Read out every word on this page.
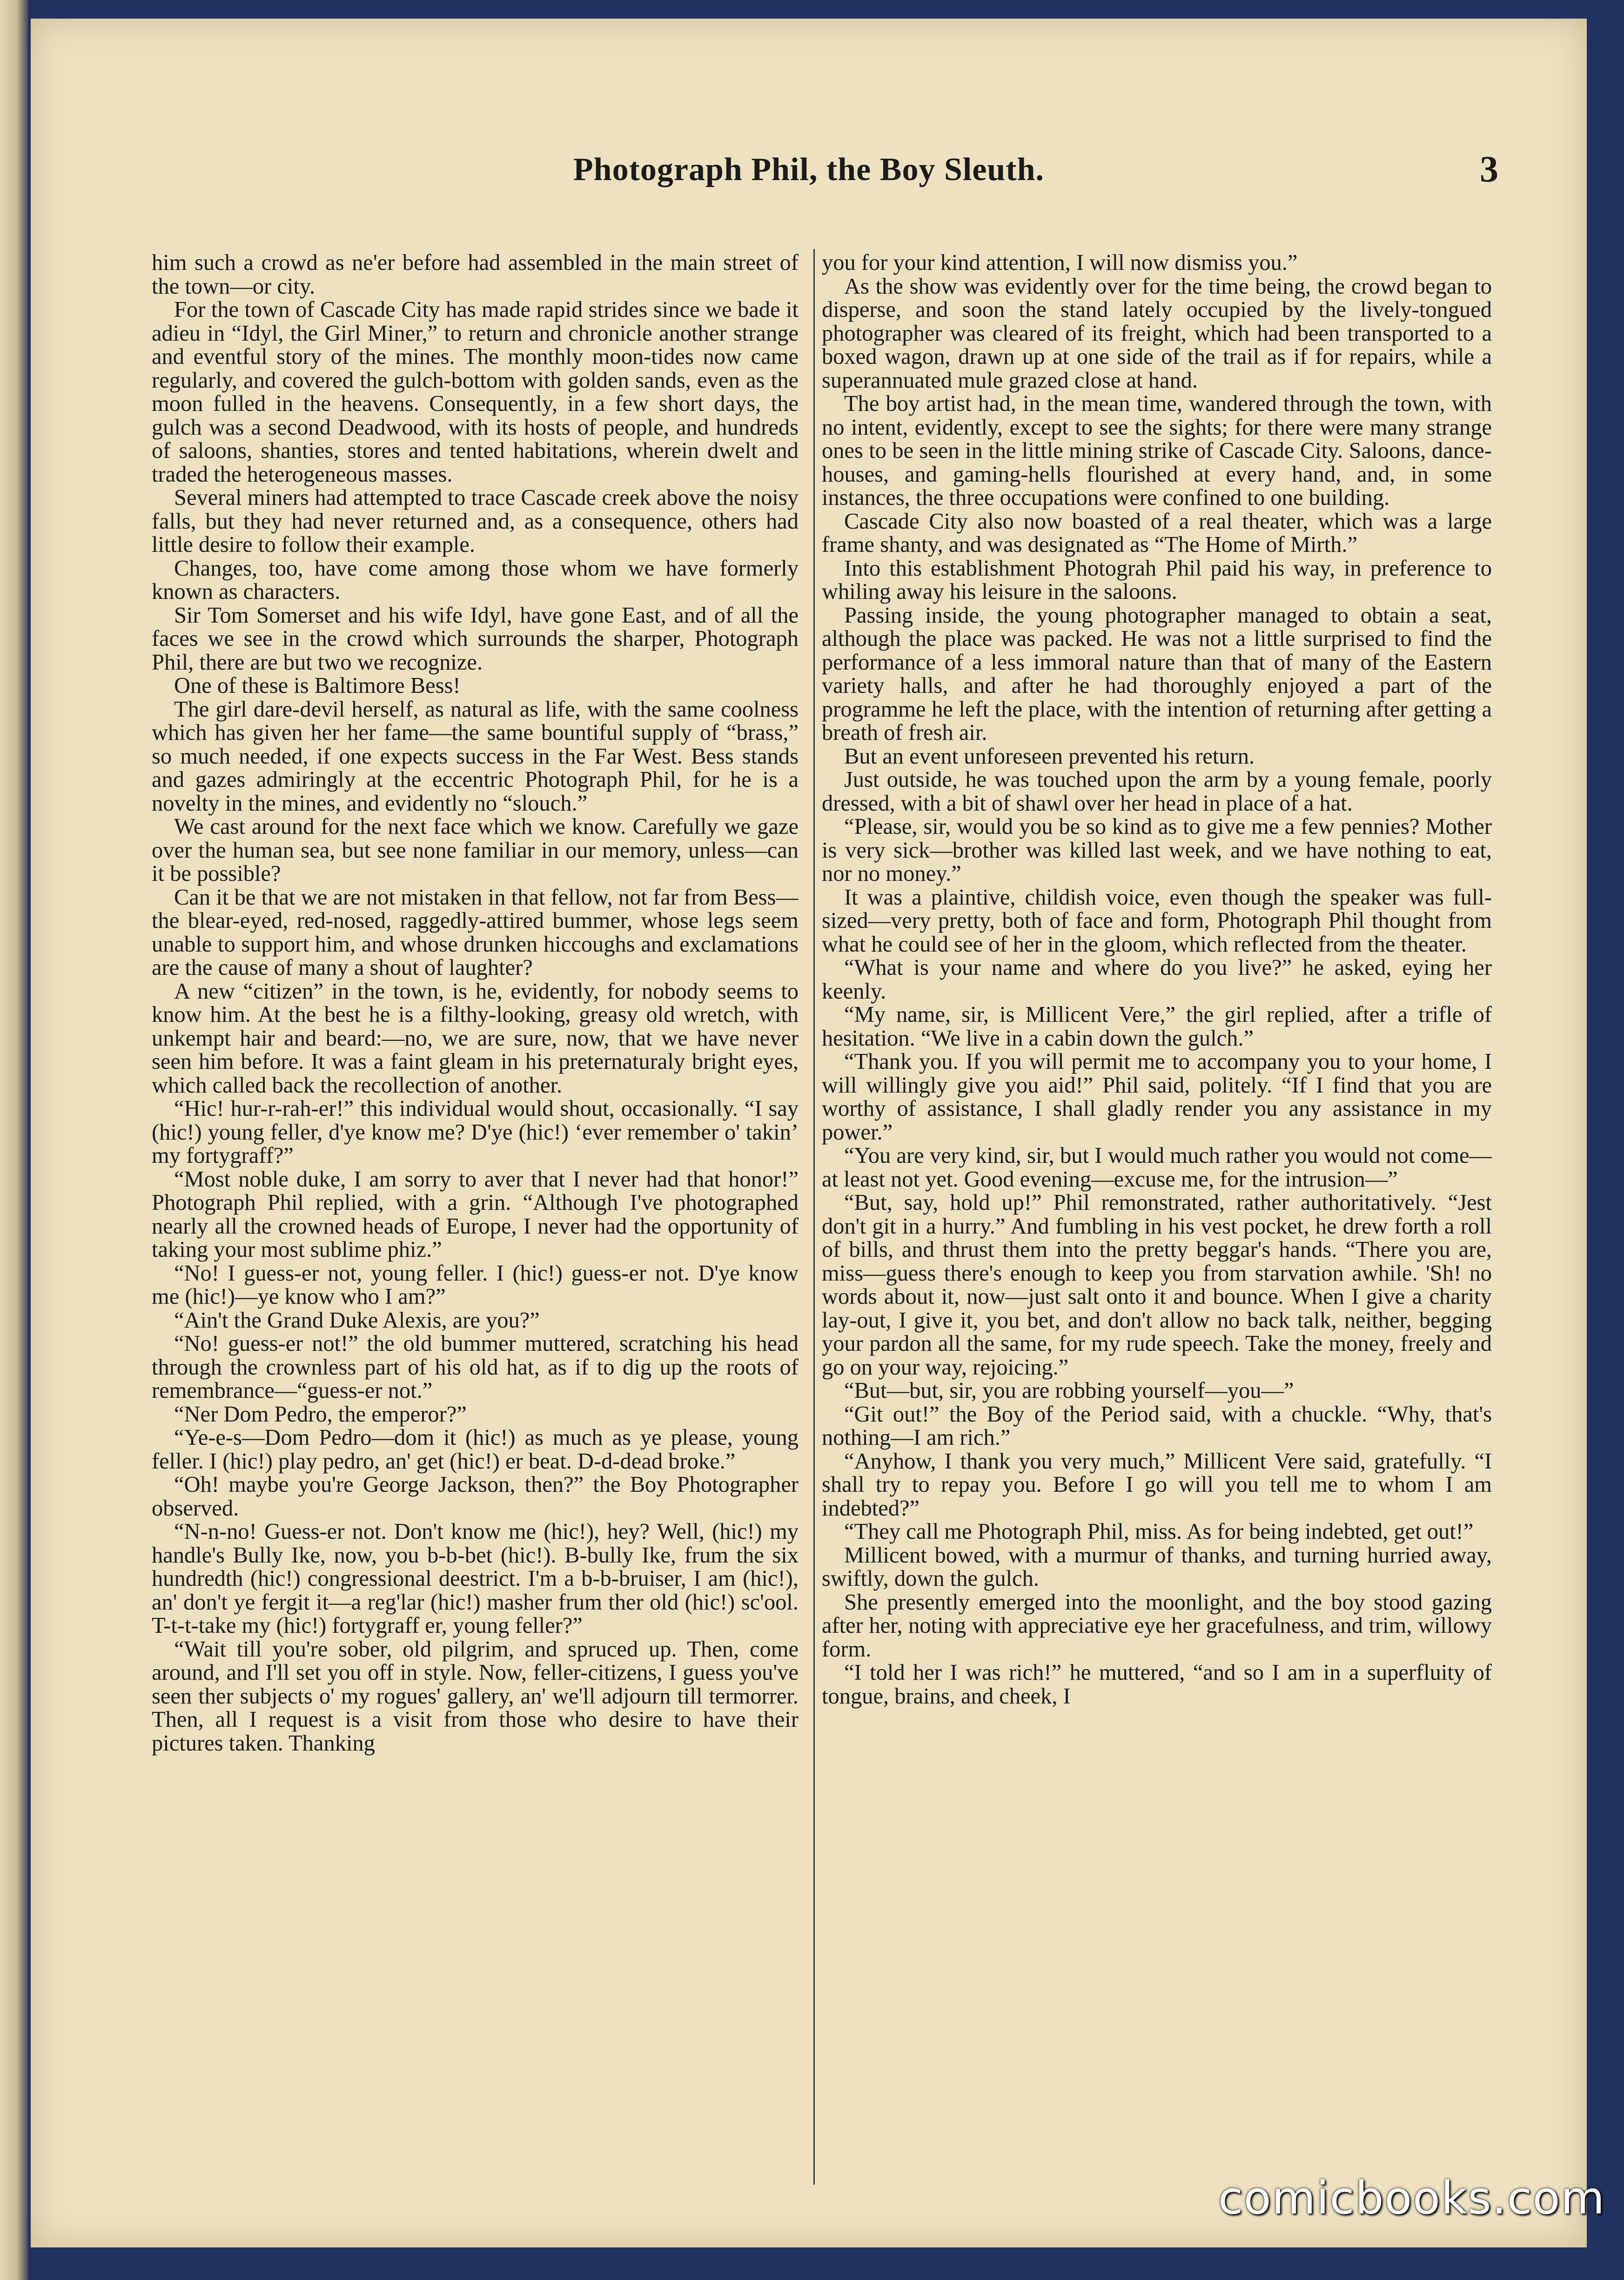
Photograph Phil, the Boy Sleuth.	3

him such a crowd as ne'er before had assembled in the main street of the town—or city.

For the town of Cascade City has made rapid strides since we bade it adieu in “Idyl, the Girl Miner,” to return and chronicle another strange and eventful story of the mines. The monthly moon-tides now came regularly, and covered the gulch-bottom with golden sands, even as the moon fulled in the heavens. Consequently, in a few short days, the gulch was a second Deadwood, with its hosts of people, and hundreds of saloons, shanties, stores and tented habitations, wherein dwelt and traded the heterogeneous masses.

Several miners had attempted to trace Cascade creek above the noisy falls, but they had never returned and, as a consequence, others had little desire to follow their example.

Changes, too, have come among those whom we have formerly known as characters.

Sir Tom Somerset and his wife Idyl, have gone East, and of all the faces we see in the crowd which surrounds the sharper, Photograph Phil, there are but two we recognize.

One of these is Baltimore Bess!

The girl dare-devil herself, as natural as life, with the same coolness which has given her her fame—the same bountiful supply of “brass,” so much needed, if one expects success in the Far West. Bess stands and gazes admiringly at the eccentric Photograph Phil, for he is a novelty in the mines, and evidently no “slouch.”

We cast around for the next face which we know. Carefully we gaze over the human sea, but see none familiar in our memory, unless—can it be possible?

Can it be that we are not mistaken in that fellow, not far from Bess—the blear-eyed, red-nosed, raggedly-attired bummer, whose legs seem unable to support him, and whose drunken hiccoughs and exclamations are the cause of many a shout of laughter?

A new “citizen” in the town, is he, evidently, for nobody seems to know him. At the best he is a filthy-looking, greasy old wretch, with unkempt hair and beard:—no, we are sure, now, that we have never seen him before. It was a faint gleam in his preternaturaly bright eyes, which called back the recollection of another.

“Hic! hur-r-rah-er!” this individual would shout, occasionally. “I say (hic!) young feller, d'ye know me? D'ye (hic!) ‘ever remember o' takin’ my fortygraff?”

“Most noble duke, I am sorry to aver that I never had that honor!” Photograph Phil replied, with a grin. “Although I've photographed nearly all the crowned heads of Europe, I never had the opportunity of taking your most sublime phiz.”

“No! I guess-er not, young feller. I (hic!) guess-er not. D'ye know me (hic!)—ye know who I am?”

“Ain't the Grand Duke Alexis, are you?”

“No! guess-er not!” the old bummer muttered, scratching his head through the crownless part of his old hat, as if to dig up the roots of remembrance—“guess-er not.”

“Ner Dom Pedro, the emperor?”

“Ye-e-s—Dom Pedro—dom it (hic!) as much as ye please, young feller. I (hic!) play pedro, an' get (hic!) er beat. D-d-dead broke.”

“Oh! maybe you're George Jackson, then?” the Boy Photographer observed.

“N-n-no! Guess-er not. Don't know me (hic!), hey? Well, (hic!) my handle's Bully Ike, now, you b-b-bet (hic!). B-bully Ike, frum the six hundredth (hic!) congressional deestrict. I'm a b-b-bruiser, I am (hic!), an' don't ye fergit it—a reg'lar (hic!) masher frum ther old (hic!) sc'ool. T-t-t-take my (hic!) fortygraff er, young feller?”

“Wait till you're sober, old pilgrim, and spruced up. Then, come around, and I'll set you off in style. Now, feller-citizens, I guess you've seen ther subjects o' my rogues' gallery, an' we'll adjourn till termorrer. Then, all I request is a visit from those who desire to have their pictures taken. Thanking

you for your kind attention, I will now dismiss you.”

As the show was evidently over for the time being, the crowd began to disperse, and soon the stand lately occupied by the lively-tongued photographer was cleared of its freight, which had been transported to a boxed wagon, drawn up at one side of the trail as if for repairs, while a superannuated mule grazed close at hand.

The boy artist had, in the mean time, wandered through the town, with no intent, evidently, except to see the sights; for there were many strange ones to be seen in the little mining strike of Cascade City. Saloons, dance-houses, and gaming-hells flourished at every hand, and, in some instances, the three occupations were confined to one building.

Cascade City also now boasted of a real theater, which was a large frame shanty, and was designated as “The Home of Mirth.”

Into this establishment Photograh Phil paid his way, in preference to whiling away his leisure in the saloons.

Passing inside, the young photographer managed to obtain a seat, although the place was packed. He was not a little surprised to find the performance of a less immoral nature than that of many of the Eastern variety halls, and after he had thoroughly enjoyed a part of the programme he left the place, with the intention of returning after getting a breath of fresh air.

But an event unforeseen prevented his return.

Just outside, he was touched upon the arm by a young female, poorly dressed, with a bit of shawl over her head in place of a hat.

“Please, sir, would you be so kind as to give me a few pennies? Mother is very sick—brother was killed last week, and we have nothing to eat, nor no money.”

It was a plaintive, childish voice, even though the speaker was full-sized—very pretty, both of face and form, Photograph Phil thought from what he could see of her in the gloom, which reflected from the theater.

“What is your name and where do you live?” he asked, eying her keenly.

“My name, sir, is Millicent Vere,” the girl replied, after a trifle of hesitation. “We live in a cabin down the gulch.”

“Thank you. If you will permit me to accompany you to your home, I will willingly give you aid!” Phil said, politely. “If I find that you are worthy of assistance, I shall gladly render you any assistance in my power.”

“You are very kind, sir, but I would much rather you would not come—at least not yet. Good evening—excuse me, for the intrusion—”

“But, say, hold up!” Phil remonstrated, rather authoritatively. “Jest don't git in a hurry.” And fumbling in his vest pocket, he drew forth a roll of bills, and thrust them into the pretty beggar's hands. “There you are, miss—guess there's enough to keep you from starvation awhile. 'Sh! no words about it, now—just salt onto it and bounce. When I give a charity lay-out, I give it, you bet, and don't allow no back talk, neither, begging your pardon all the same, for my rude speech. Take the money, freely and go on your way, rejoicing.”

“But—but, sir, you are robbing yourself—you—”

“Git out!” the Boy of the Period said, with a chuckle. “Why, that's nothing—I am rich.”

“Anyhow, I thank you very much,” Millicent Vere said, gratefully. “I shall try to repay you. Before I go will you tell me to whom I am indebted?”

“They call me Photograph Phil, miss. As for being indebted, get out!”

Millicent bowed, with a murmur of thanks, and turning hurried away, swiftly, down the gulch.

She presently emerged into the moonlight, and the boy stood gazing after her, noting with appreciative eye her gracefulness, and trim, willowy form.

“I told her I was rich!” he muttered, “and so I am in a superfluity of tongue, brains, and cheek, I

comicbooks.com
